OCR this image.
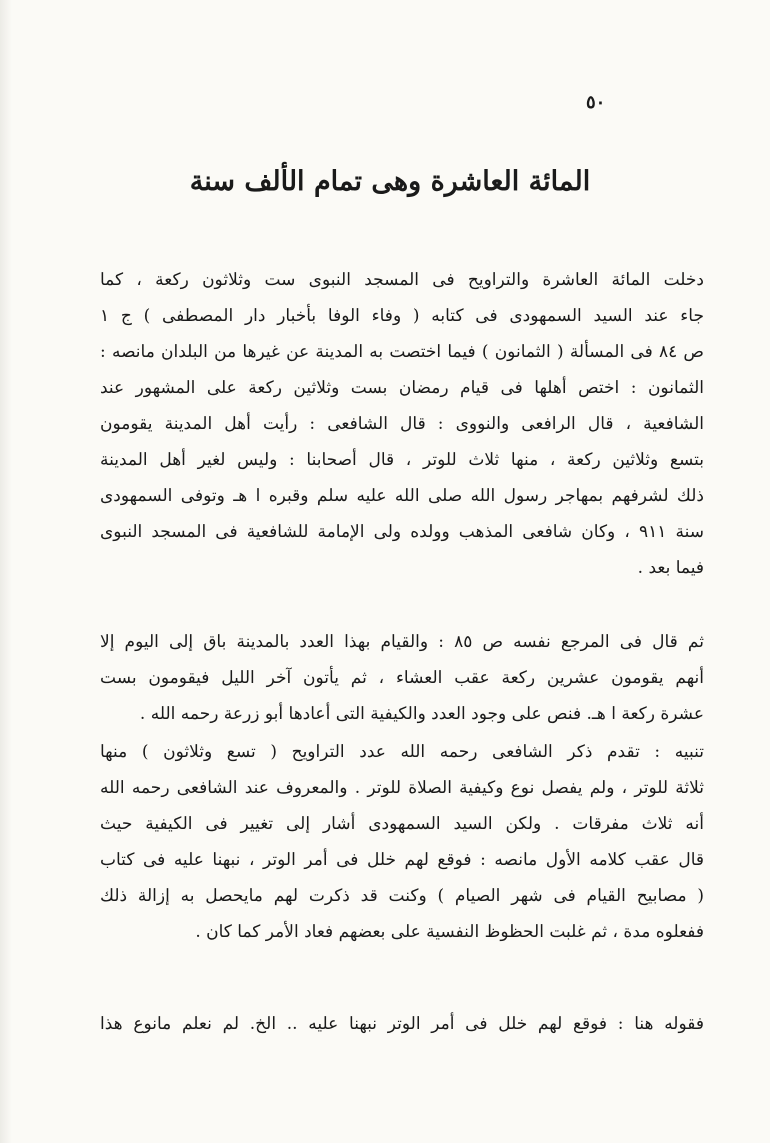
٥٠
المائة العاشرة وهى تمام الألف سنة
دخلت المائة العاشرة والتراويح فى المسجد النبوى ست وثلاثون ركعة ، كما
جاء عند السيد السمهودى فى كتابه ( وفاء الوفا بأخبار دار المصطفى ) ج ١
ص ٨٤ فى المسألة ( الثمانون ) فيما اختصت به المدينة عن غيرها من البلدان مانصه :
الثمانون : اختص أهلها فى قيام رمضان بست وثلاثين ركعة على المشهور عند
الشافعية ، قال الرافعى والنووى : قال الشافعى : رأيت أهل المدينة يقومون
بتسع وثلاثين ركعة ، منها ثلاث للوتر ، قال أصحابنا : وليس لغير أهل المدينة
ذلك لشرفهم بمهاجر رسول الله صلى الله عليه سلم وقبره ا هـ وتوفى السمهودى
سنة ٩١١ ، وكان شافعى المذهب وولده ولى الإمامة للشافعية فى المسجد النبوى
فيما بعد .
ثم قال فى المرجع نفسه ص ٨٥ : والقيام بهذا العدد بالمدينة باق إلى اليوم إلا
أنهم يقومون عشرين ركعة عقب العشاء ، ثم يأتون آخر الليل فيقومون بست
عشرة ركعة ا هـ. فنص على وجود العدد والكيفية التى أعادها أبو زرعة رحمه الله .
تنبيه : تقدم ذكر الشافعى رحمه الله عدد التراويح ( تسع وثلاثون ) منها
ثلاثة للوتر ، ولم يفصل نوع وكيفية الصلاة للوتر . والمعروف عند الشافعى رحمه الله
أنه ثلاث مفرقات . ولكن السيد السمهودى أشار إلى تغيير فى الكيفية حيث
قال عقب كلامه الأول مانصه : فوقع لهم خلل فى أمر الوتر ، نبهنا عليه فى كتاب
( مصابيح القيام فى شهر الصيام ) وكنت قد ذكرت لهم مايحصل به إزالة ذلك
ففعلوه مدة ، ثم غلبت الحظوظ النفسية على بعضهم فعاد الأمر كما كان .
فقوله هنا : فوقع لهم خلل فى أمر الوتر نبهنا عليه .. الخ. لم نعلم مانوع هذا
